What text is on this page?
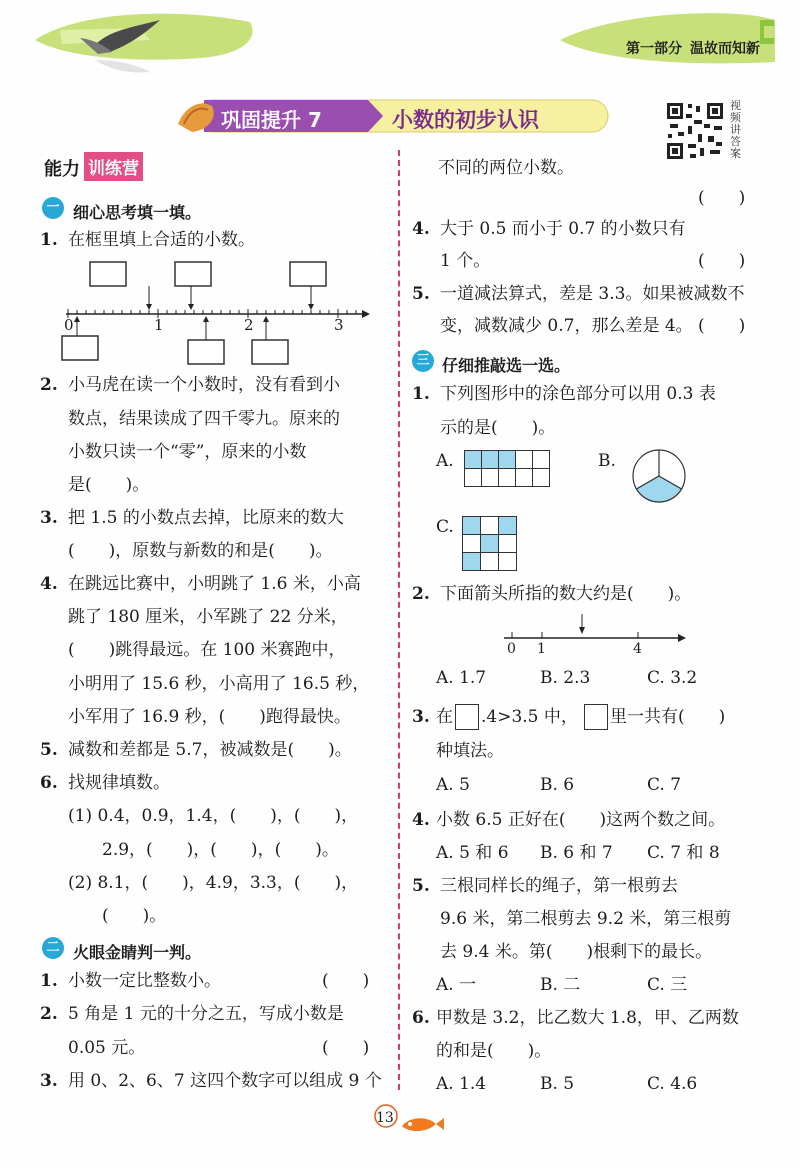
第一部分 温故而知新
巩固提升 7	小数的初步认识
视频讲答案
能力 训练营
一 细心思考填一填。
1. 在框里填上合适的小数。
0	1	2	3
2. 小马虎在读一个小数时，没有看到小
数点，结果读成了四千零九。原来的
小数只读一个“零”，原来的小数
是(　　)。
3. 把 1.5 的小数点去掉，比原来的数大
(　　)，原数与新数的和是(　　)。
4. 在跳远比赛中，小明跳了 1.6 米，小高
跳了 180 厘米，小军跳了 22 分米，
(　　)跳得最远。在 100 米赛跑中，
小明用了 15.6 秒，小高用了 16.5 秒，
小军用了 16.9 秒，(　　)跑得最快。
5. 减数和差都是 5.7，被减数是(　　)。
6. 找规律填数。
(1) 0.4，0.9，1.4，(　　)，(　　)，
2.9，(　　)，(　　)，(　　)。
(2) 8.1，(　　)，4.9，3.3，(　　)，
(　　)。
二 火眼金睛判一判。
1. 小数一定比整数小。	(　　)
2. 5 角是 1 元的十分之五，写成小数是
0.05 元。	(　　)
3. 用 0、2、6、7 这四个数字可以组成 9 个
不同的两位小数。
(　　)
4. 大于 0.5 而小于 0.7 的小数只有
1 个。	(　　)
5. 一道减法算式，差是 3.3。如果被减数不
变，减数减少 0.7，那么差是 4。 (　　)
三 仔细推敲选一选。
1. 下列图形中的涂色部分可以用 0.3 表
示的是(　　)。
A.	B.
C.
2. 下面箭头所指的数大约是(　　)。
0 1	4
A. 1.7	B. 2.3	C. 3.2
3. 在 .4>3.5 中， 里一共有(　　)
种填法。
A. 5	B. 6	C. 7
4. 小数 6.5 正好在(　　)这两个数之间。
A. 5 和 6 B. 6 和 7 C. 7 和 8
5. 三根同样长的绳子，第一根剪去
9.6 米，第二根剪去 9.2 米，第三根剪
去 9.4 米。第(　　)根剩下的最长。
A. 一	B. 二	C. 三
6. 甲数是 3.2，比乙数大 1.8，甲、乙两数
的和是(　　)。
A. 1.4	B. 5	C. 4.6
13
